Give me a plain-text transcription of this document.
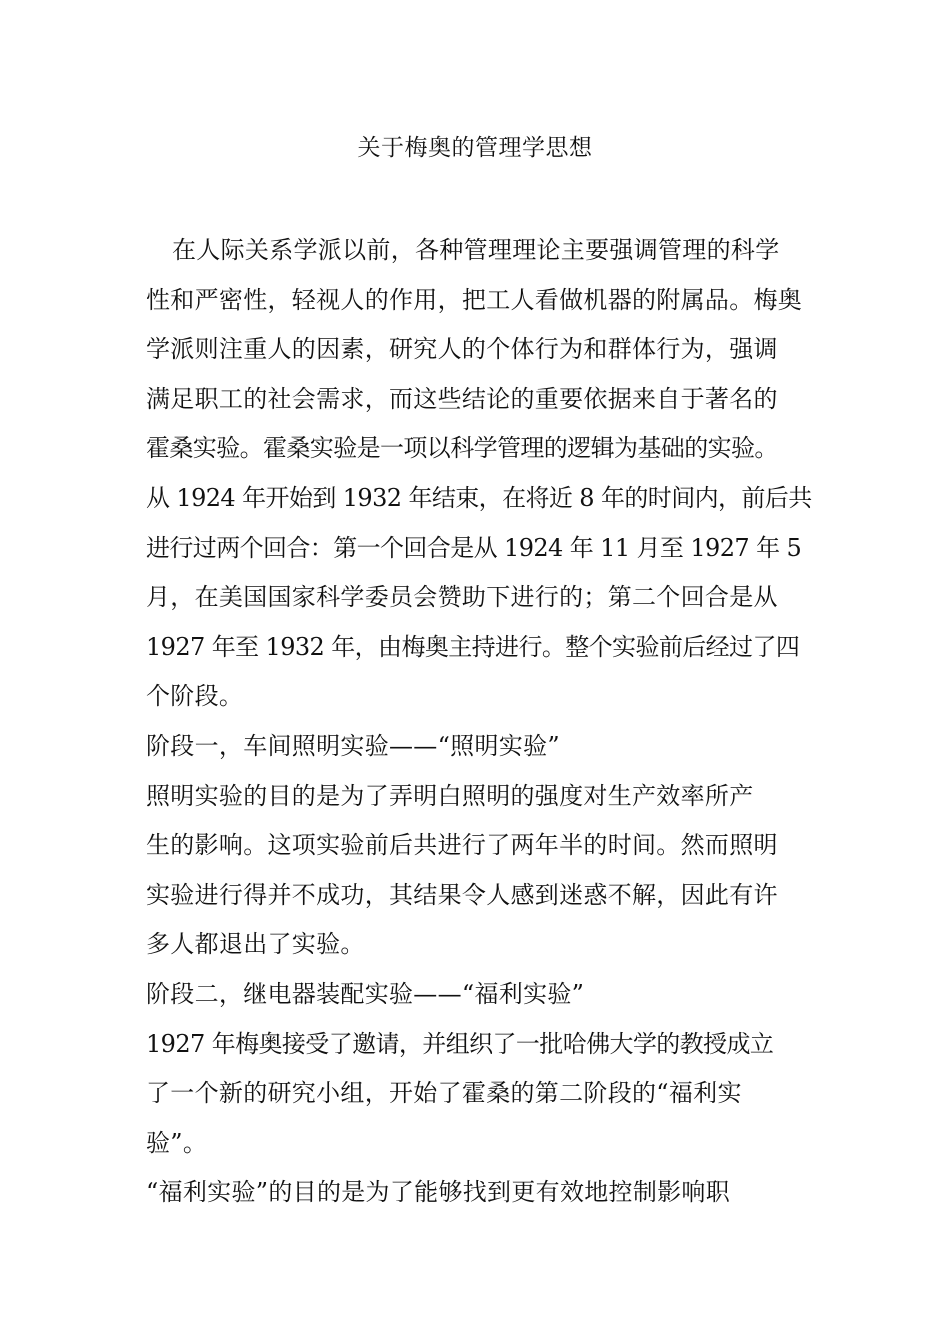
关于梅奥的管理学思想
在人际关系学派以前，各种管理理论主要强调管理的科学
性和严密性，轻视人的作用，把工人看做机器的附属品。梅奥
学派则注重人的因素，研究人的个体行为和群体行为，强调
满足职工的社会需求，而这些结论的重要依据来自于著名的
霍桑实验。霍桑实验是一项以科学管理的逻辑为基础的实验。
从 1924 年开始到 1932 年结束，在将近 8 年的时间内，前后共
进行过两个回合：第一个回合是从 1924 年 11 月至 1927 年 5
月，在美国国家科学委员会赞助下进行的；第二个回合是从
1927 年至 1932 年，由梅奥主持进行。整个实验前后经过了四
个阶段。
阶段一，车间照明实验——“照明实验”
照明实验的目的是为了弄明白照明的强度对生产效率所产
生的影响。这项实验前后共进行了两年半的时间。然而照明
实验进行得并不成功，其结果令人感到迷惑不解，因此有许
多人都退出了实验。
阶段二，继电器装配实验——“福利实验”
1927 年梅奥接受了邀请，并组织了一批哈佛大学的教授成立
了一个新的研究小组，开始了霍桑的第二阶段的“福利实
验”。
“福利实验”的目的是为了能够找到更有效地控制影响职
